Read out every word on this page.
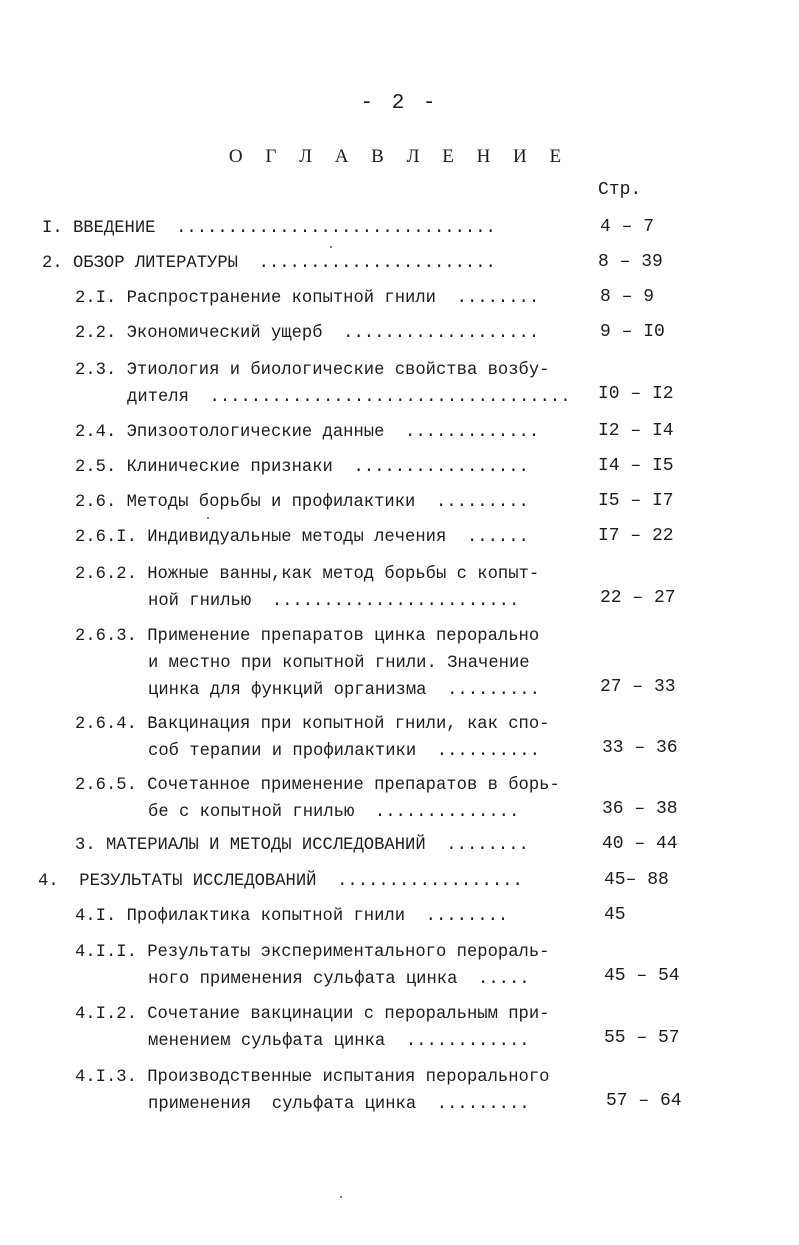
- 2 -
О Г Л А В Л Е Н И Е
Стр.
I. ВВЕДЕНИЕ  ...............................	4 – 7
2. ОБЗОР ЛИТЕРАТУРЫ  .......................	8 – 39
2.I. Распространение копытной гнили  ........	8 – 9
2.2. Экономический ущерб  ...................	9 – I0
2.3. Этиология и биологические свойства возбу-
дителя  ................................... I0 – I2
2.4. Эпизоотологические данные  .............	I2 – I4
2.5. Клинические признаки  .................	I4 – I5
2.6. Методы борьбы и профилактики  .........	I5 – I7
2.6.I. Индивидуальные методы лечения  ......	I7 – 22
2.6.2. Ножные ванны,как метод борьбы с копыт-
ной гнилью  ........................	22 – 27
2.6.3. Применение препаратов цинка перорально
и местно при копытной гнили. Значение
цинка для функций организма  .........	27 – 33
2.6.4. Вакцинация при копытной гнили, как спо-
соб терапии и профилактики  ..........	33 – 36
2.6.5. Сочетанное применение препаратов в борь-
бе с копытной гнилью  ..............	36 – 38
3. МАТЕРИАЛЫ И МЕТОДЫ ИССЛЕДОВАНИЙ  ........	40 – 44
4.  РЕЗУЛЬТАТЫ ИССЛЕДОВАНИЙ  ..................	45– 88
4.I. Профилактика копытной гнили  ........	45
4.I.I. Результаты экспериментального перораль-
ного применения сульфата цинка  .....	45 – 54
4.I.2. Сочетание вакцинации с пероральным при-
менением сульфата цинка  ............	55 – 57
4.I.3. Производственные испытания перорального
применения  сульфата цинка  .........	57 – 64
